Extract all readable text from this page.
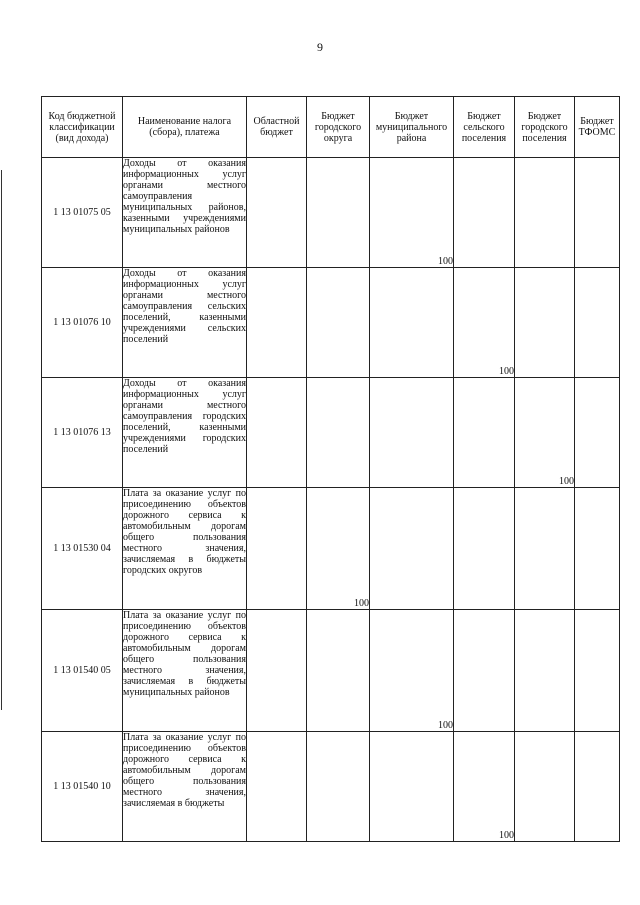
9
Код бюджетной классификации (вид дохода)	Наименование налога (сбора), платежа	Областной бюджет	Бюджет городского округа	Бюджет муниципального района	Бюджет сельского поселения	Бюджет городского поселения	Бюджет ТФОМС
1 13 01075 05	Доходы от оказания информационных услуг органами местного самоуправления муниципальных районов, казенными учреждениями муниципальных районов			100			
1 13 01076 10	Доходы от оказания информационных услуг органами местного самоуправления сельских поселений, казенными учреждениями сельских поселений				100		
1 13 01076 13	Доходы от оказания информационных услуг органами местного самоуправления городских поселений, казенными учреждениями городских поселений					100	
1 13 01530 04	Плата за оказание услуг по присоединению объектов дорожного сервиса к автомобильным дорогам общего пользования местного значения, зачисляемая в бюджеты городских округов		100				
1 13 01540 05	Плата за оказание услуг по присоединению объектов дорожного сервиса к автомобильным дорогам общего пользования местного значения, зачисляемая в бюджеты муниципальных районов			100			
1 13 01540 10	Плата за оказание услуг по присоединению объектов дорожного сервиса к автомобильным дорогам общего пользования местного значения, зачисляемая в бюджеты				100		
